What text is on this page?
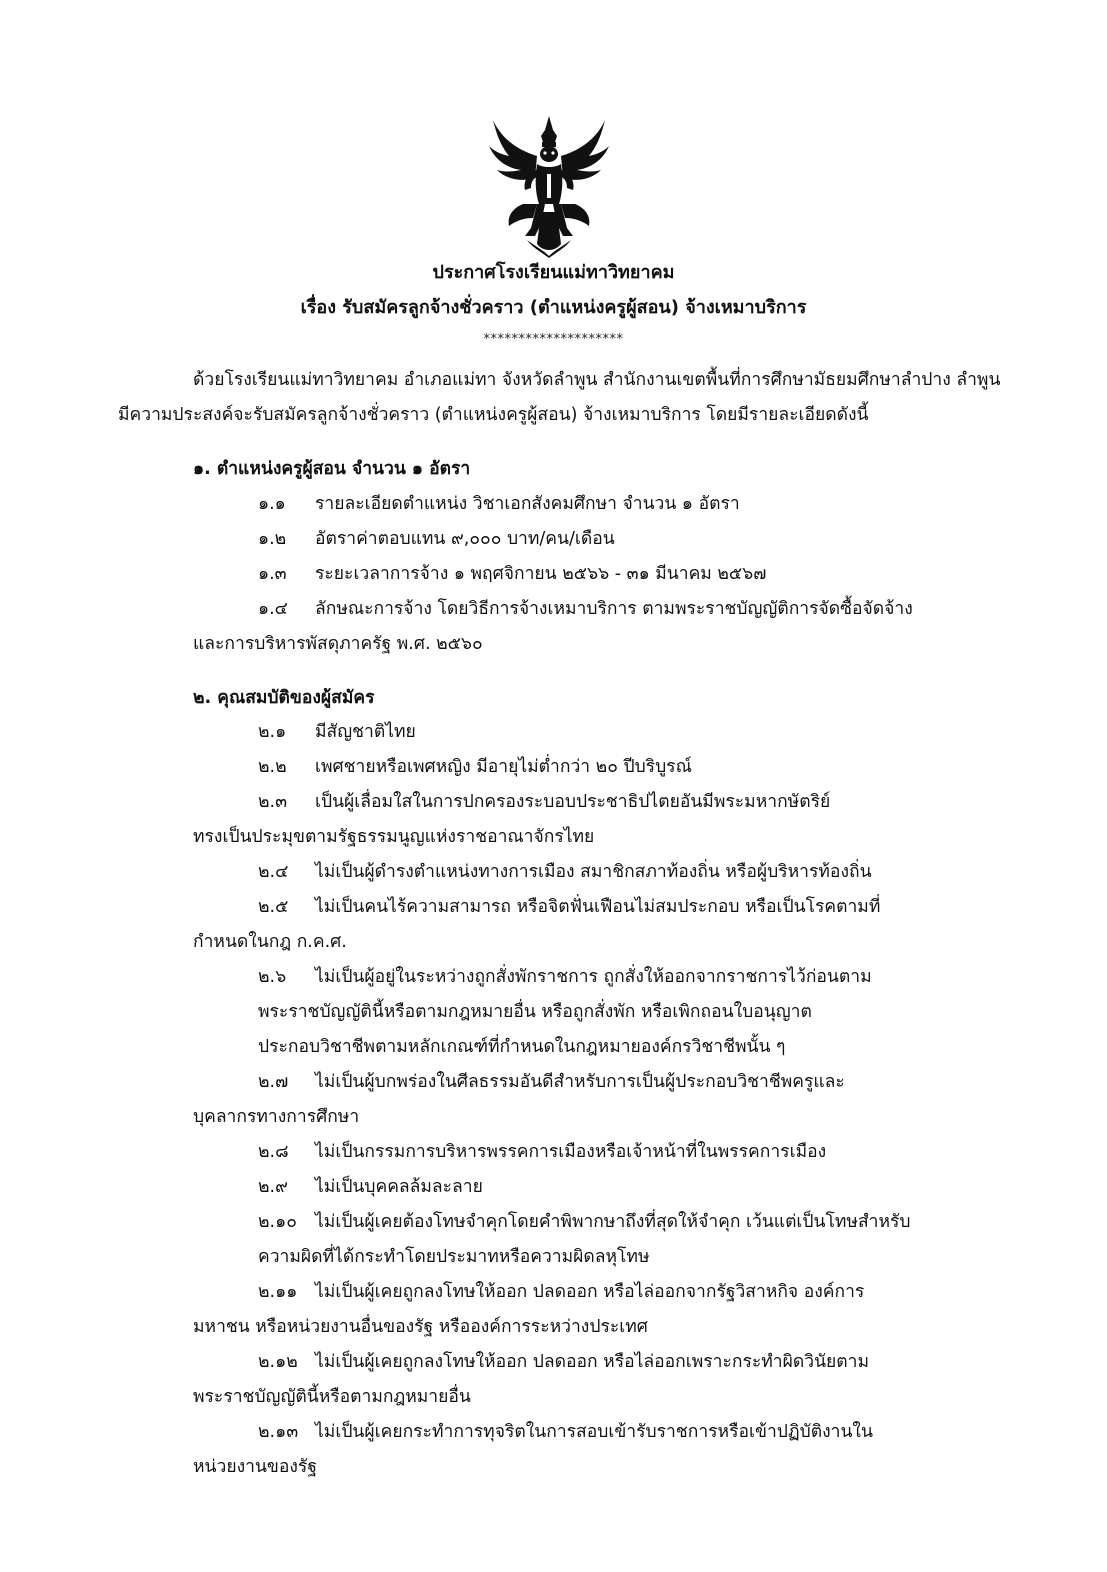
ประกาศโรงเรียนแม่ทาวิทยาคม
เรื่อง รับสมัครลูกจ้างชั่วคราว (ตำแหน่งครูผู้สอน) จ้างเหมาบริการ
********************
ด้วยโรงเรียนแม่ทาวิทยาคม อำเภอแม่ทา จังหวัดลำพูน สำนักงานเขตพื้นที่การศึกษามัธยมศึกษาลำปาง ลำพูน
มีความประสงค์จะรับสมัครลูกจ้างชั่วคราว (ตำแหน่งครูผู้สอน) จ้างเหมาบริการ โดยมีรายละเอียดดังนี้
๑. ตำแหน่งครูผู้สอน จำนวน ๑ อัตรา
๑.๑ รายละเอียดตำแหน่ง วิชาเอกสังคมศึกษา จำนวน ๑ อัตรา
๑.๒ อัตราค่าตอบแทน ๙,๐๐๐ บาท/คน/เดือน
๑.๓ ระยะเวลาการจ้าง ๑ พฤศจิกายน ๒๕๖๖ - ๓๑ มีนาคม ๒๕๖๗
๑.๔ ลักษณะการจ้าง โดยวิธีการจ้างเหมาบริการ ตามพระราชบัญญัติการจัดซื้อจัดจ้าง
และการบริหารพัสดุภาครัฐ พ.ศ. ๒๕๖๐
๒. คุณสมบัติของผู้สมัคร
๒.๑ มีสัญชาติไทย
๒.๒ เพศชายหรือเพศหญิง มีอายุไม่ต่ำกว่า ๒๐ ปีบริบูรณ์
๒.๓ เป็นผู้เลื่อมใสในการปกครองระบอบประชาธิปไตยอันมีพระมหากษัตริย์
ทรงเป็นประมุขตามรัฐธรรมนูญแห่งราชอาณาจักรไทย
๒.๔ ไม่เป็นผู้ดำรงตำแหน่งทางการเมือง สมาชิกสภาท้องถิ่น หรือผู้บริหารท้องถิ่น
๒.๕ ไม่เป็นคนไร้ความสามารถ หรือจิตฟั่นเฟือนไม่สมประกอบ หรือเป็นโรคตามที่
กำหนดในกฎ ก.ค.ศ.
๒.๖ ไม่เป็นผู้อยู่ในระหว่างถูกสั่งพักราชการ ถูกสั่งให้ออกจากราชการไว้ก่อนตาม
พระราชบัญญัตินี้หรือตามกฎหมายอื่น หรือถูกสั่งพัก หรือเพิกถอนใบอนุญาต
ประกอบวิชาชีพตามหลักเกณฑ์ที่กำหนดในกฎหมายองค์กรวิชาชีพนั้น ๆ
๒.๗ ไม่เป็นผู้บกพร่องในศีลธรรมอันดีสำหรับการเป็นผู้ประกอบวิชาชีพครูและ
บุคลากรทางการศึกษา
๒.๘ ไม่เป็นกรรมการบริหารพรรคการเมืองหรือเจ้าหน้าที่ในพรรคการเมือง
๒.๙ ไม่เป็นบุคคลล้มละลาย
๒.๑๐ ไม่เป็นผู้เคยต้องโทษจำคุกโดยคำพิพากษาถึงที่สุดให้จำคุก เว้นแต่เป็นโทษสำหรับ
ความผิดที่ได้กระทำโดยประมาทหรือความผิดลหุโทษ
๒.๑๑ ไม่เป็นผู้เคยถูกลงโทษให้ออก ปลดออก หรือไล่ออกจากรัฐวิสาหกิจ องค์การ
มหาชน หรือหน่วยงานอื่นของรัฐ หรือองค์การระหว่างประเทศ
๒.๑๒ ไม่เป็นผู้เคยถูกลงโทษให้ออก ปลดออก หรือไล่ออกเพราะกระทำผิดวินัยตาม
พระราชบัญญัตินี้หรือตามกฎหมายอื่น
๒.๑๓ ไม่เป็นผู้เคยกระทำการทุจริตในการสอบเข้ารับราชการหรือเข้าปฏิบัติงานใน
หน่วยงานของรัฐ
